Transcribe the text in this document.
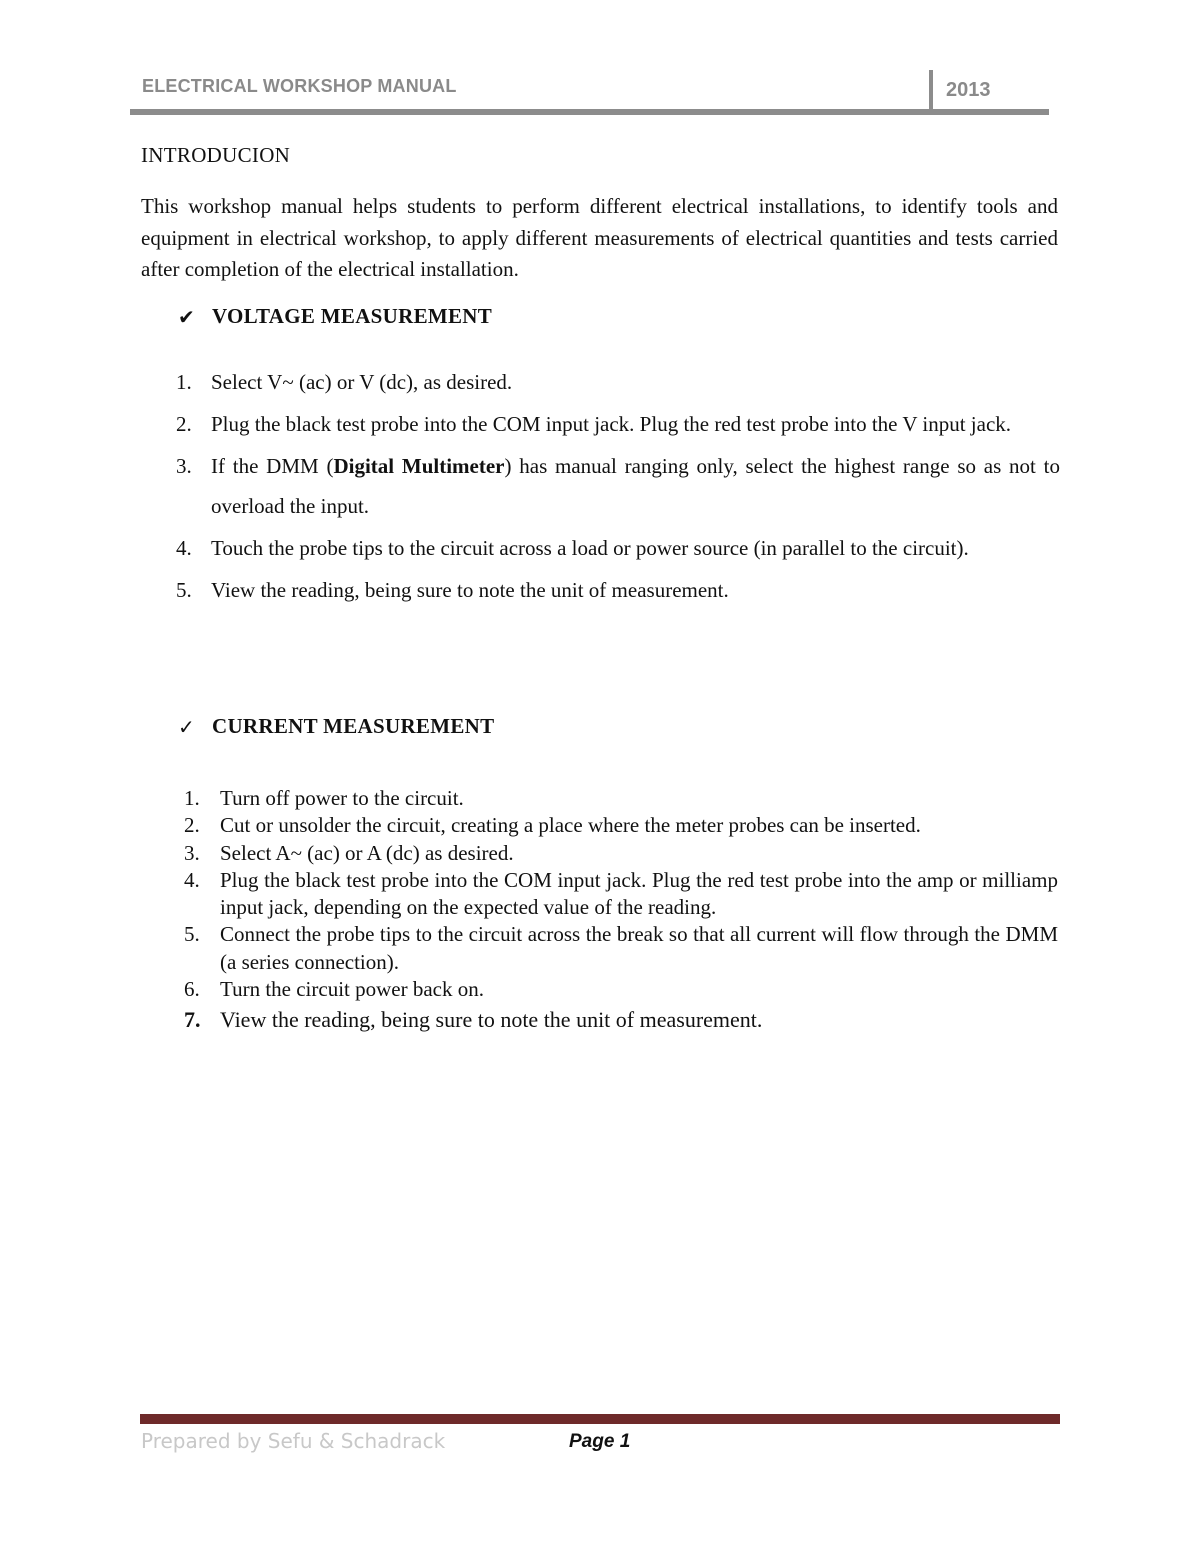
ELECTRICAL WORKSHOP MANUAL	2013
INTRODUCION

This workshop manual helps students to perform different electrical installations, to identify tools and equipment in electrical workshop, to apply different measurements of electrical quantities and tests carried after completion of the electrical installation.

✔ VOLTAGE MEASUREMENT
1. Select V~ (ac) or V (dc), as desired.
2. Plug the black test probe into the COM input jack. Plug the red test probe into the V input jack.
3. If the DMM (Digital Multimeter) has manual ranging only, select the highest range so as not to overload the input.
4. Touch the probe tips to the circuit across a load or power source (in parallel to the circuit).
5. View the reading, being sure to note the unit of measurement.
✓ CURRENT MEASUREMENT
1. Turn off power to the circuit.
2. Cut or unsolder the circuit, creating a place where the meter probes can be inserted.
3. Select A~ (ac) or A (dc) as desired.
4. Plug the black test probe into the COM input jack. Plug the red test probe into the amp or milliamp input jack, depending on the expected value of the reading.
5. Connect the probe tips to the circuit across the break so that all current will flow through the DMM (a series connection).
6. Turn the circuit power back on.
7. View the reading, being sure to note the unit of measurement.
Prepared by Sefu & Schadrack	Page 1
